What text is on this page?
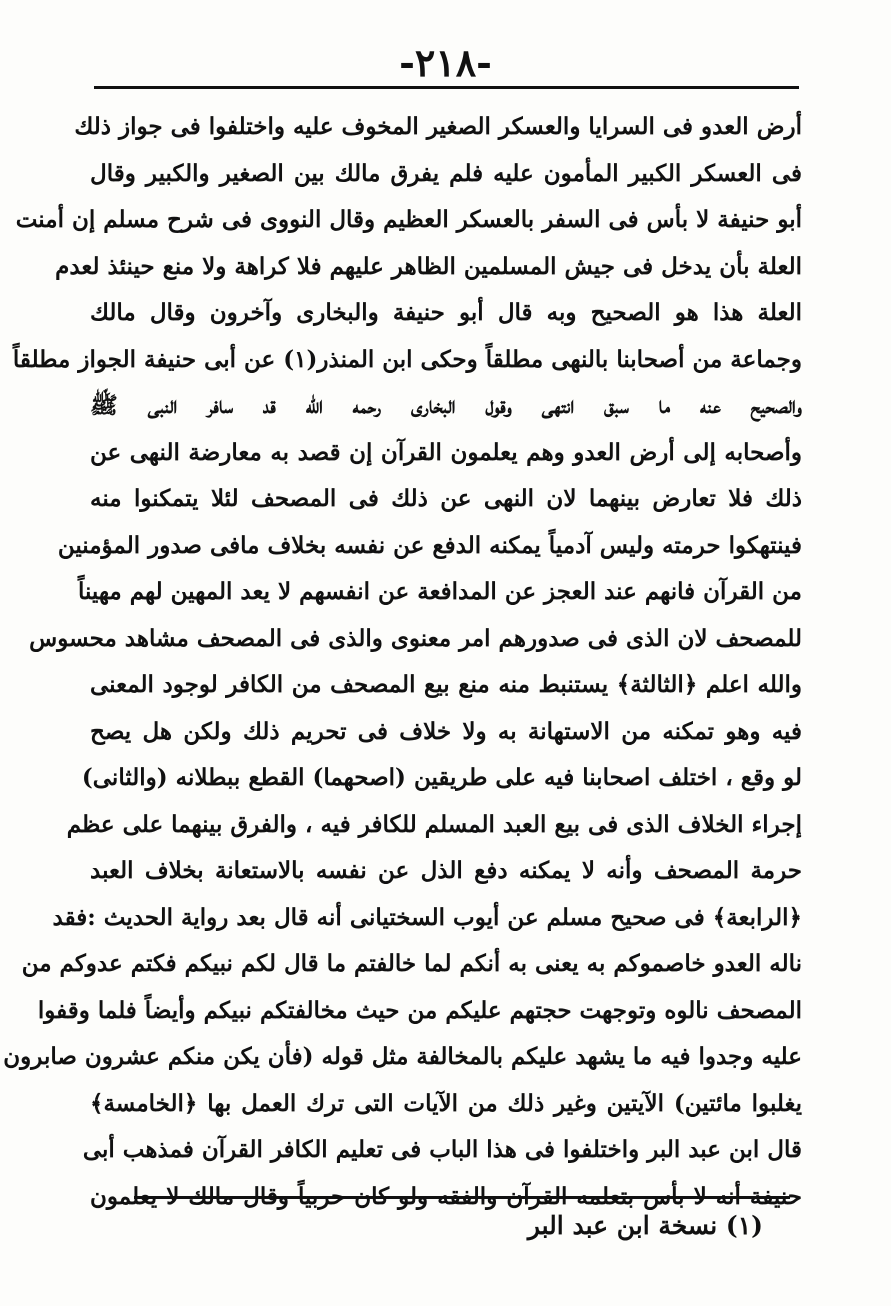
-٢١٨-
أرض العدو فى السرايا والعسكر الصغير المخوف عليه واختلفوا فى جواز ذلك
فى العسكر الكبير المأمون عليه فلم يفرق مالك بين الصغير والكبير وقال
أبو حنيفة لا بأس فى السفر بالعسكر العظيم وقال النووى فى شرح مسلم إن أمنت
العلة بأن يدخل فى جيش المسلمين الظاهر عليهم فلا كراهة ولا منع حينئذ لعدم
العلة هذا هو الصحيح وبه قال أبو حنيفة والبخارى وآخرون وقال مالك
وجماعة من أصحابنا بالنهى مطلقاً وحكى ابن المنذر(١) عن أبى حنيفة الجواز مطلقاً
والصحيح عنه ما سبق انتهى وقول البخارى رحمه الله قد سافر النبى ﷺ
وأصحابه إلى أرض العدو وهم يعلمون القرآن إن قصد به معارضة النهى عن
ذلك فلا تعارض بينهما لان النهى عن ذلك فى المصحف لئلا يتمكنوا منه
فينتهكوا حرمته وليس آدمياً يمكنه الدفع عن نفسه بخلاف مافى صدور المؤمنين
من القرآن فانهم عند العجز عن المدافعة عن انفسهم لا يعد المهين لهم مهيناً
للمصحف لان الذى فى صدورهم امر معنوى والذى فى المصحف مشاهد محسوس
والله اعلم ﴿الثالثة﴾ يستنبط منه منع بيع المصحف من الكافر لوجود المعنى
فيه وهو تمكنه من الاستهانة به ولا خلاف فى تحريم ذلك ولكن هل يصح
لو وقع ، اختلف اصحابنا فيه على طريقين (اصحهما) القطع ببطلانه (والثانى)
إجراء الخلاف الذى فى بيع العبد المسلم للكافر فيه ، والفرق بينهما على عظم
حرمة المصحف وأنه لا يمكنه دفع الذل عن نفسه بالاستعانة بخلاف العبد
﴿الرابعة﴾ فى صحيح مسلم عن أيوب السختيانى أنه قال بعد رواية الحديث :فقد
ناله العدو خاصموكم به يعنى به أنكم لما خالفتم ما قال لكم نبيكم فكتم عدوكم من
المصحف نالوه وتوجهت حجتهم عليكم من حيث مخالفتكم نبيكم وأيضاً فلما وقفوا
عليه وجدوا فيه ما يشهد عليكم بالمخالفة مثل قوله (فأن يكن منكم عشرون صابرون
يغلبوا مائتين) الآيتين وغير ذلك من الآيات التى ترك العمل بها ﴿الخامسة﴾
قال ابن عبد البر واختلفوا فى هذا الباب فى تعليم الكافر القرآن فمذهب أبى
حنيفة أنه لا بأس بتعلمه القرآن والفقه ولو كان حربياً وقال مالك لا يعلمون
(١) نسخة ابن عبد البر
